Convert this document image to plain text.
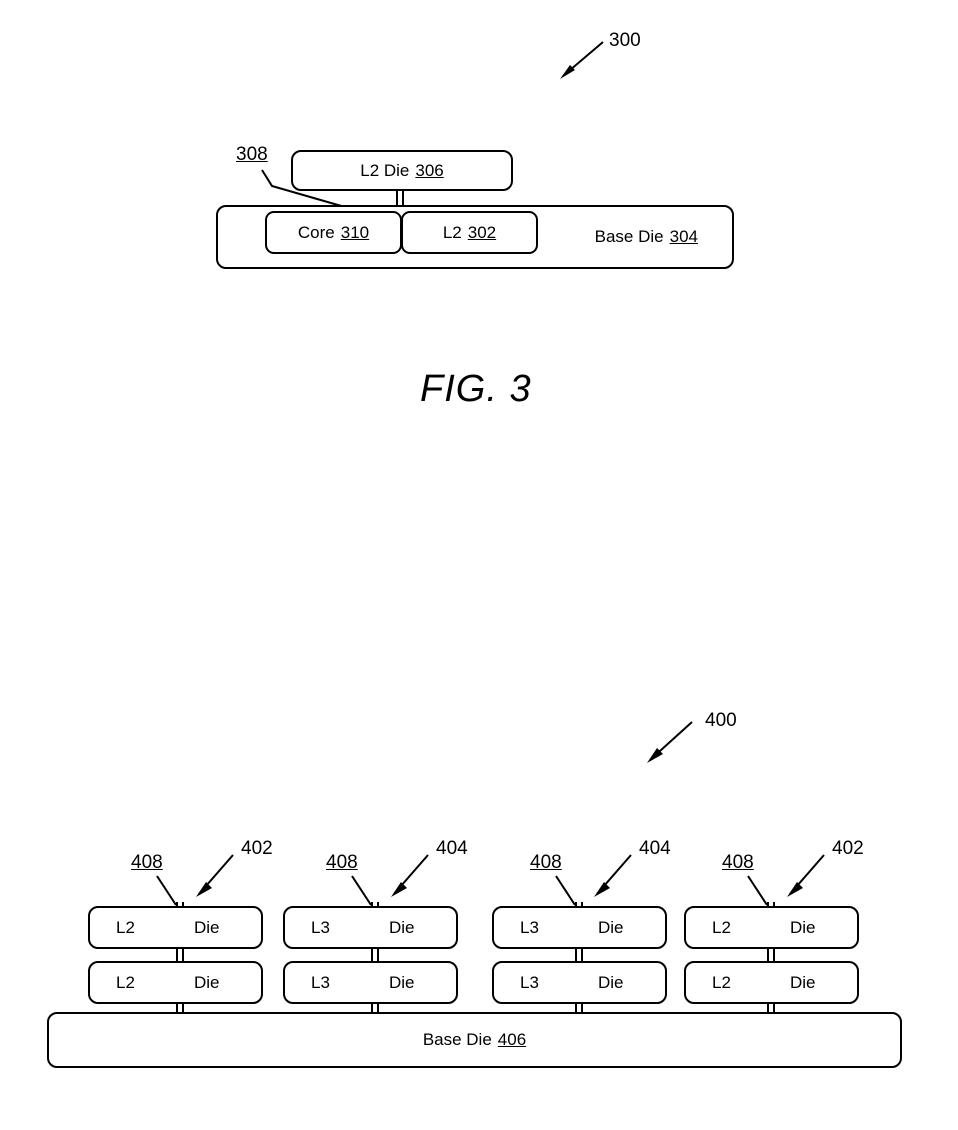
300
308
L2 Die 306
Base Die 304
Core 310	L2 302
FIG. 3
400
408
402
408
404
408
404
408
402
L2	Die
L2	Die
L3	Die
L3	Die
L3	Die
L3	Die
L2	Die
L2	Die
Base Die 406
